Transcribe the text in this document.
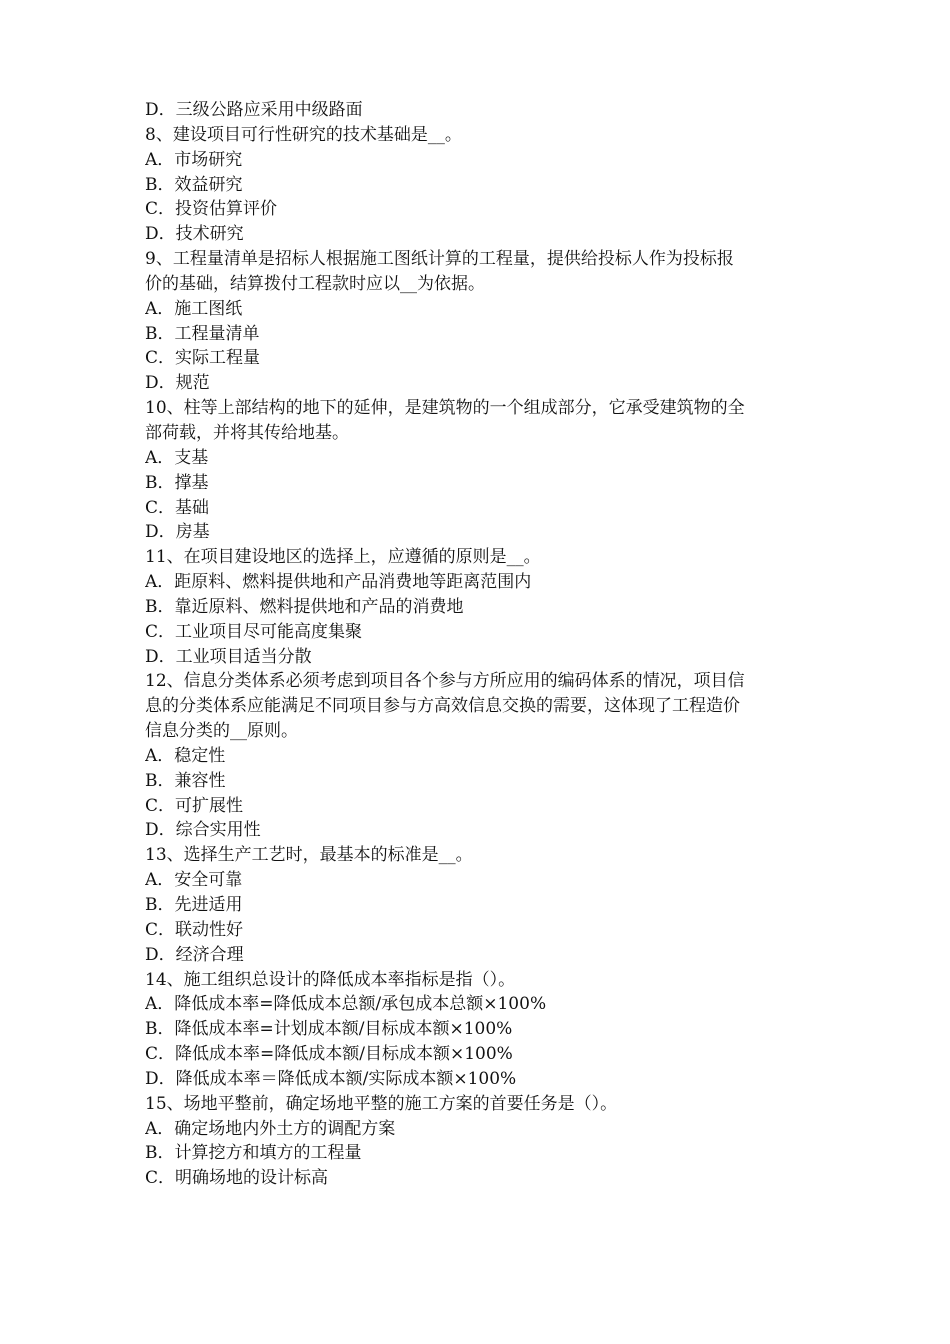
D．三级公路应采用中级路面
8、建设项目可行性研究的技术基础是__。
A．市场研究
B．效益研究
C．投资估算评价
D．技术研究
9、工程量清单是招标人根据施工图纸计算的工程量，提供给投标人作为投标报
价的基础，结算拨付工程款时应以__为依据。
A．施工图纸
B．工程量清单
C．实际工程量
D．规范
10、柱等上部结构的地下的延伸，是建筑物的一个组成部分，它承受建筑物的全
部荷载，并将其传给地基。
A．支基
B．撑基
C．基础
D．房基
11、在项目建设地区的选择上，应遵循的原则是__。
A．距原料、燃料提供地和产品消费地等距离范围内
B．靠近原料、燃料提供地和产品的消费地
C．工业项目尽可能高度集聚
D．工业项目适当分散
12、信息分类体系必须考虑到项目各个参与方所应用的编码体系的情况，项目信
息的分类体系应能满足不同项目参与方高效信息交换的需要，这体现了工程造价
信息分类的__原则。
A．稳定性
B．兼容性
C．可扩展性
D．综合实用性
13、选择生产工艺时，最基本的标准是__。
A．安全可靠
B．先进适用
C．联动性好
D．经济合理
14、施工组织总设计的降低成本率指标是指（）。
A．降低成本率=降低成本总额/承包成本总额×100%
B．降低成本率=计划成本额/目标成本额×100%
C．降低成本率=降低成本额/目标成本额×100%
D．降低成本率＝降低成本额/实际成本额×100%
15、场地平整前，确定场地平整的施工方案的首要任务是（）。
A．确定场地内外土方的调配方案
B．计算挖方和填方的工程量
C．明确场地的设计标高
